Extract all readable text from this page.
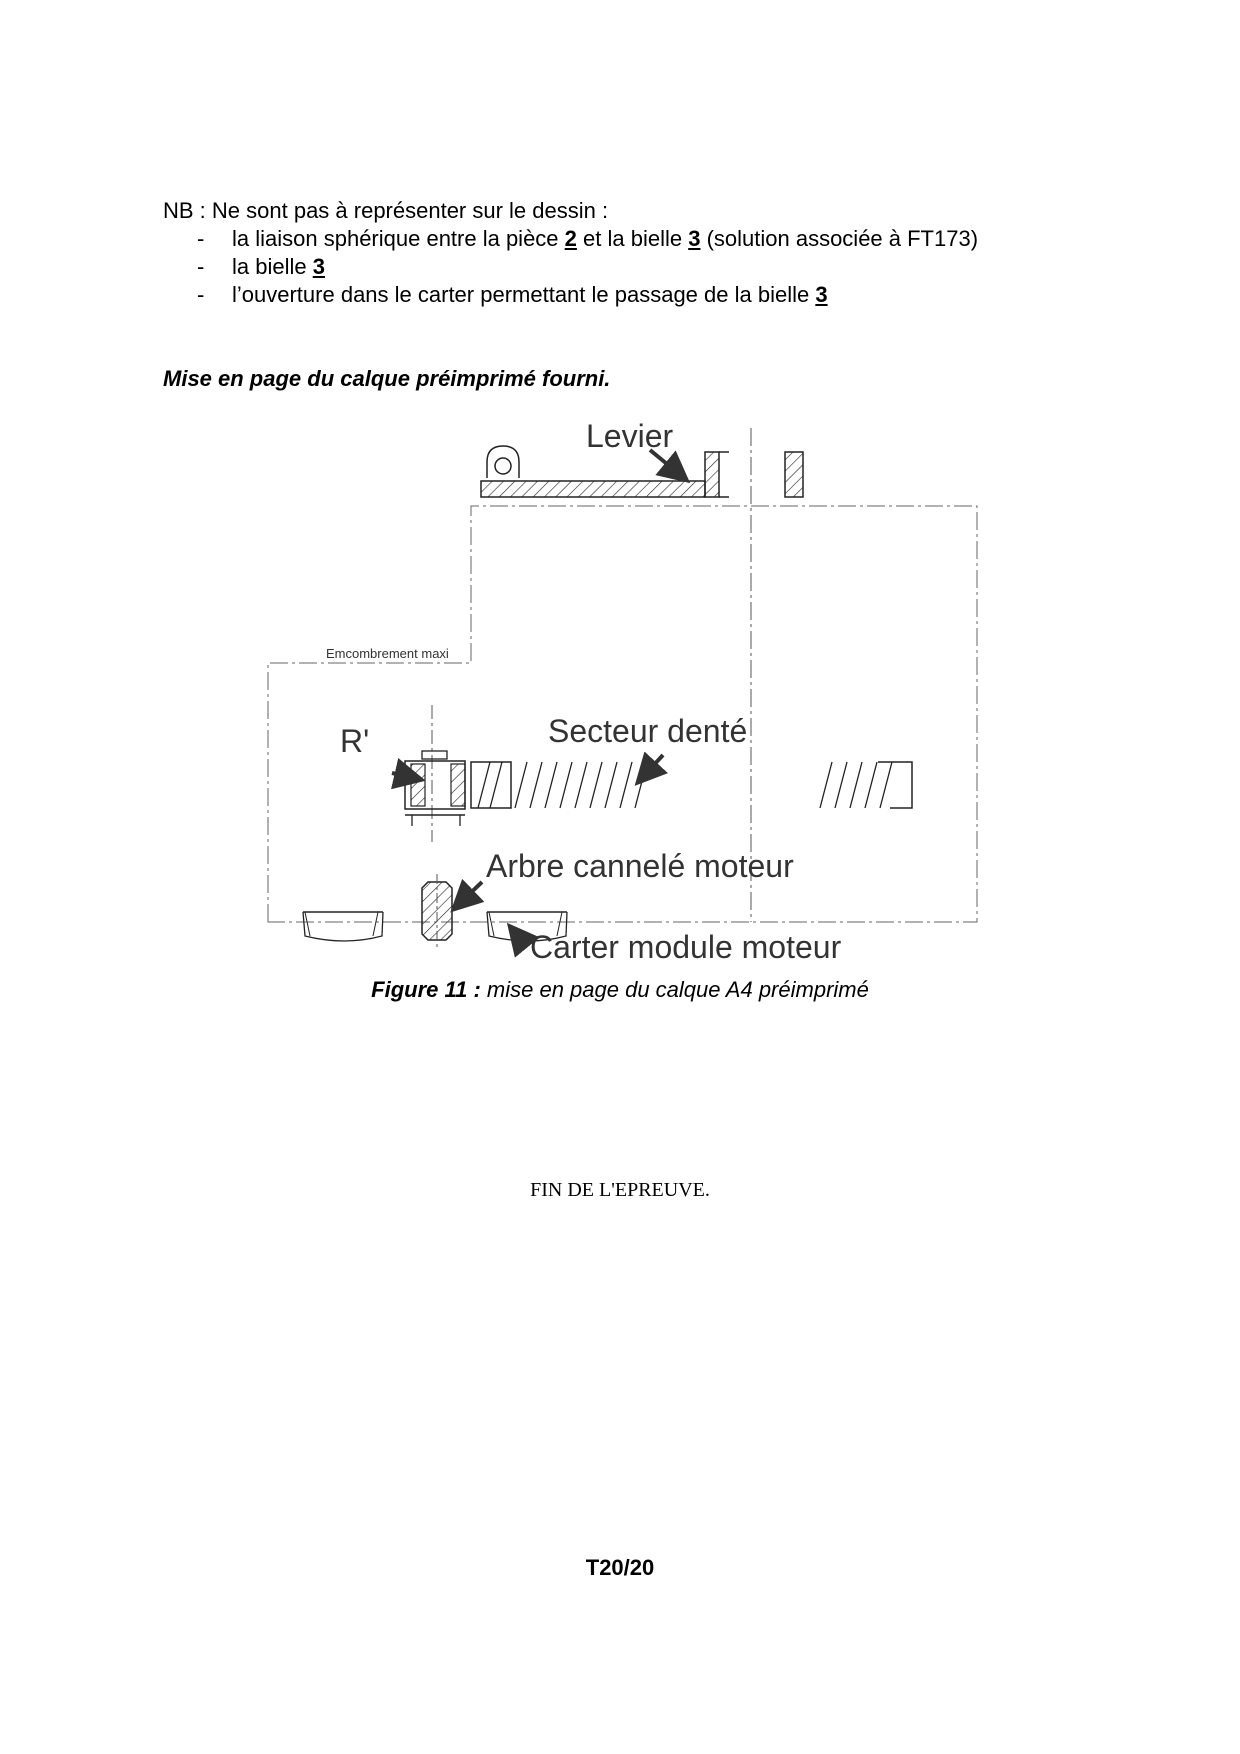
NB : Ne sont pas à représenter sur le dessin :
- la liaison sphérique entre la pièce 2 et la bielle 3 (solution associée à FT173)
- la bielle 3
- l’ouverture dans le carter permettant le passage de la bielle 3
Mise en page du calque préimprimé fourni.
Levier
Emcombrement maxi
R'	Secteur denté
Arbre cannelé moteur
Carter module moteur
Figure 11 : mise en page du calque A4 préimprimé
FIN DE L'EPREUVE.
T20/20
